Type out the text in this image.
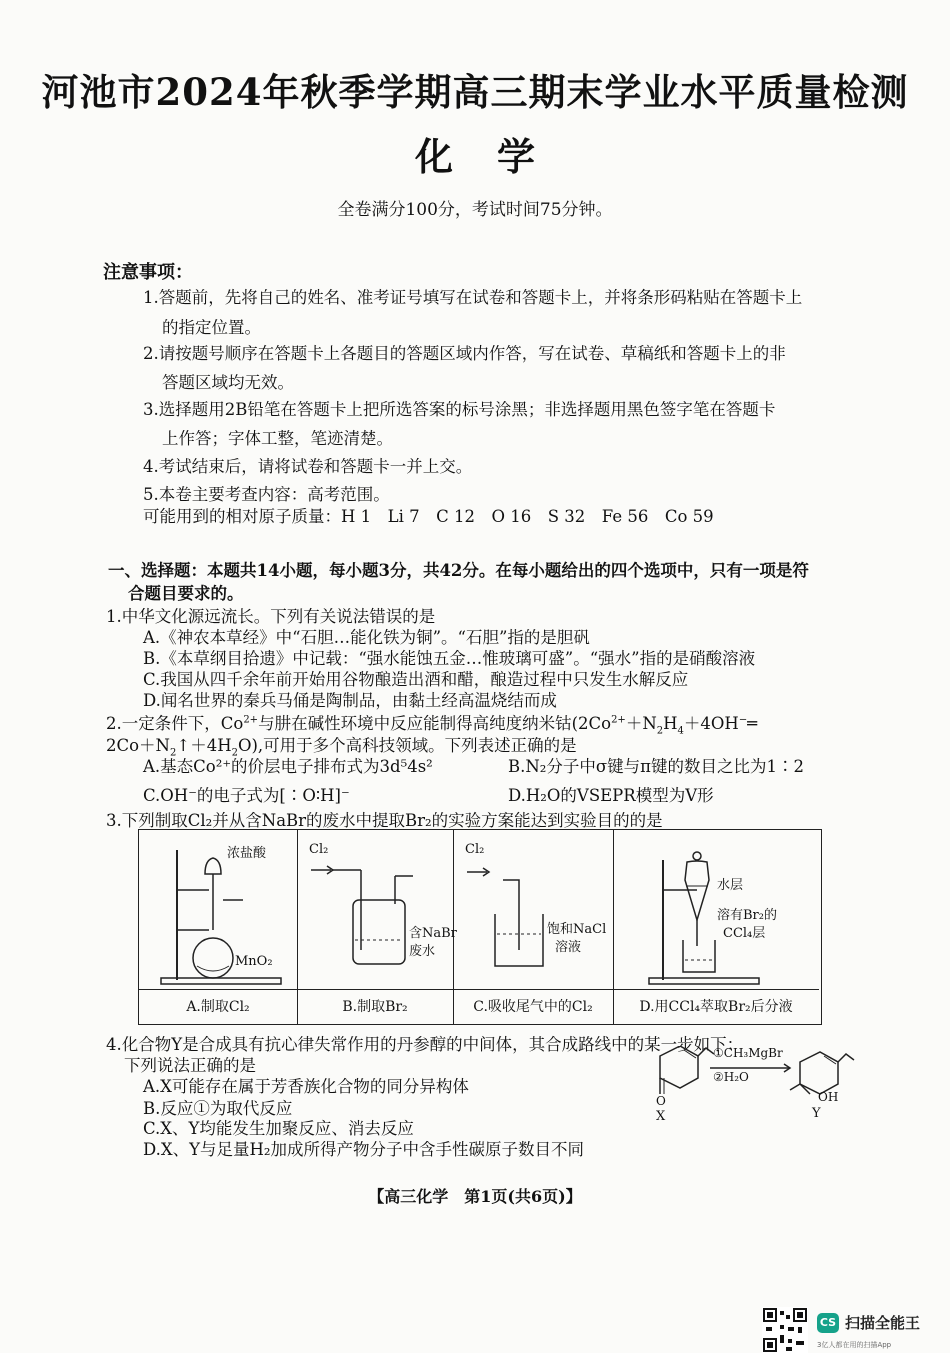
河池市2024年秋季学期高三期末学业水平质量检测
化学
全卷满分100分，考试时间75分钟。
注意事项：
1.答题前，先将自己的姓名、准考证号填写在试卷和答题卡上，并将条形码粘贴在答题卡上
的指定位置。
2.请按题号顺序在答题卡上各题目的答题区域内作答，写在试卷、草稿纸和答题卡上的非
答题区域均无效。
3.选择题用2B铅笔在答题卡上把所选答案的标号涂黑；非选择题用黑色签字笔在答题卡
上作答；字体工整，笔迹清楚。
4.考试结束后，请将试卷和答题卡一并上交。
5.本卷主要考查内容：高考范围。
可能用到的相对原子质量：H 1　Li 7　C 12　O 16　S 32　Fe 56　Co 59
一、选择题：本题共14小题，每小题3分，共42分。在每小题给出的四个选项中，只有一项是符
合题目要求的。
1.中华文化源远流长。下列有关说法错误的是
A.《神农本草经》中“石胆…能化铁为铜”。“石胆”指的是胆矾
B.《本草纲目拾遗》中记载：“强水能蚀五金…惟玻璃可盛”。“强水”指的是硝酸溶液
C.我国从四千余年前开始用谷物酿造出酒和醋，酿造过程中只发生水解反应
D.闻名世界的秦兵马俑是陶制品，由黏土经高温烧结而成
2.一定条件下，$Co^{2+}$与肼在碱性环境中反应能制得高纯度纳米钴($2Co^{2+}+N_2H_4+4OH^-═$
$2Co+N_2↑+4H_2O$),可用于多个高科技领域。下列表述正确的是
A.基态Co²⁺的价层电子排布式为3d⁵4s²	B.N₂分子中σ键与π键的数目之比为1∶2
C.OH⁻的电子式为[∶O∶H]⁻	D.H₂O的VSEPR模型为V形
3.下列制取Cl₂并从含NaBr的废水中提取Br₂的实验方案能达到实验目的的是
浓盐酸
MnO₂
A.制取Cl₂
Cl₂
含NaBr
废水
B.制取Br₂
Cl₂
饱和NaCl
溶液
C.吸收尾气中的Cl₂
水层
溶有Br₂的
CCl₄层
D.用CCl₄萃取Br₂后分液
4.化合物Y是合成具有抗心律失常作用的丹参醇的中间体，其合成路线中的某一步如下：
下列说法正确的是
A.X可能存在属于芳香族化合物的同分异构体
B.反应①为取代反应
C.X、Y均能发生加聚反应、消去反应
D.X、Y与足量H₂加成所得产物分子中含手性碳原子数目不同
①CH₃MgBr
②H₂O
O
X
OH
Y
【高三化学　第1页(共6页)】
CS 扫描全能王
3亿人都在用的扫描App
